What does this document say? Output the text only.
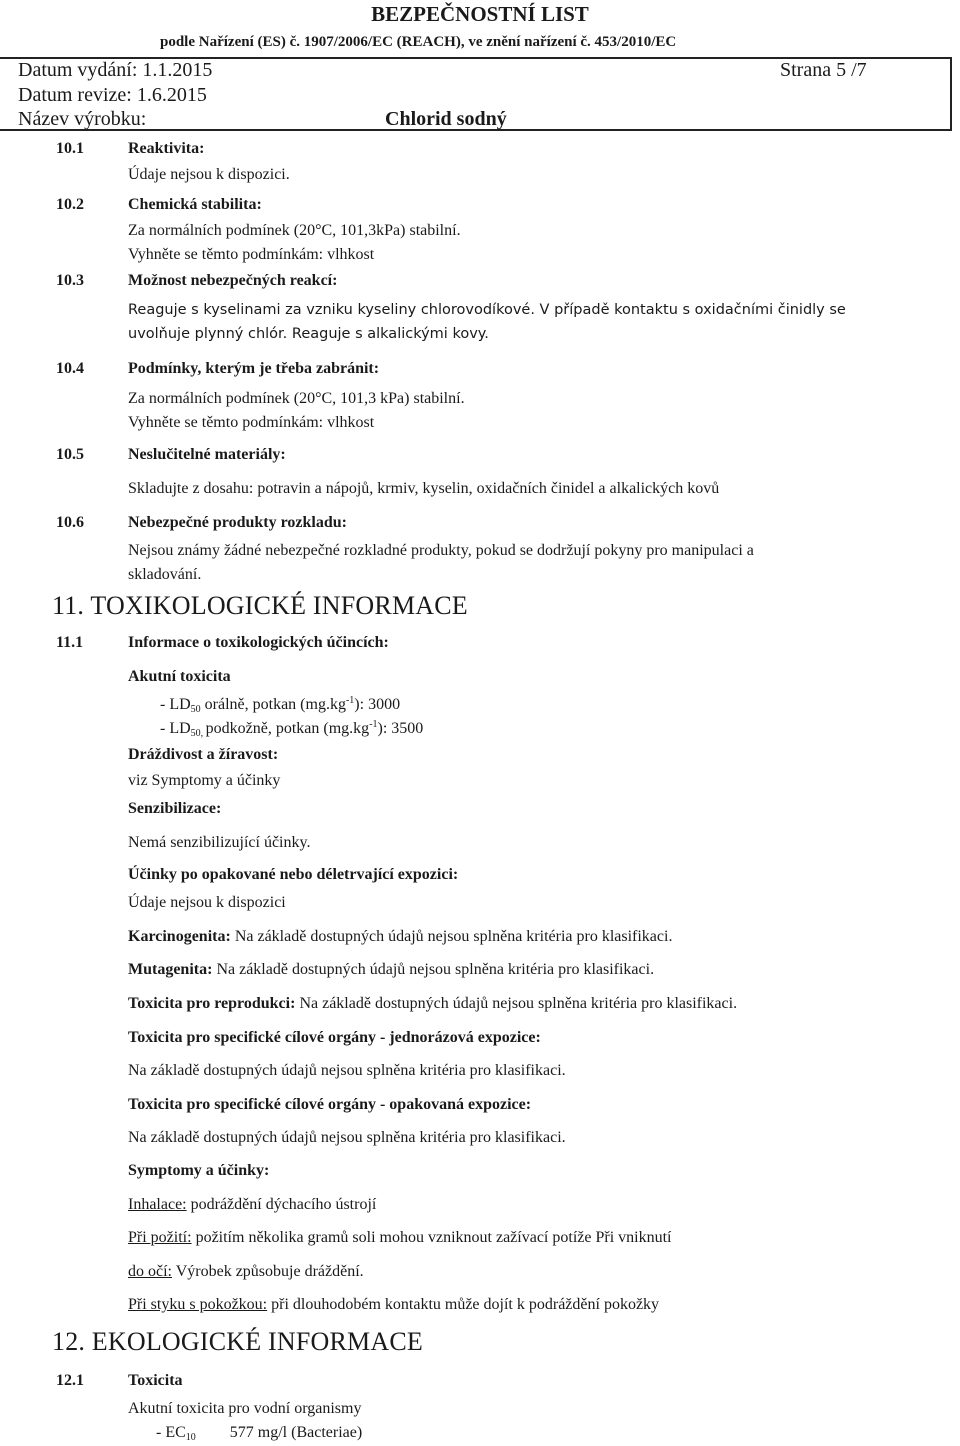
BEZPEČNOSTNÍ LIST
podle Nařízení (ES) č. 1907/2006/EC (REACH), ve znění nařízení č. 453/2010/EC
Datum vydání: 1.1.2015	Strana 5 /7
Datum revize: 1.6.2015
Název výrobku:	Chlorid sodný
10.1	Reaktivita:
Údaje nejsou k dispozici.
10.2	Chemická stabilita:
Za normálních podmínek (20°C, 101,3kPa) stabilní.
Vyhněte se těmto podmínkám: vlhkost
10.3	Možnost nebezpečných reakcí:
Reaguje s kyselinami za vzniku kyseliny chlorovodíkové. V případě kontaktu s oxidačními činidly se
uvolňuje plynný chlór. Reaguje s alkalickými kovy.
10.4	Podmínky, kterým je třeba zabránit:
Za normálních podmínek (20°C, 101,3 kPa) stabilní.
Vyhněte se těmto podmínkám: vlhkost
10.5	Neslučitelné materiály:
Skladujte z dosahu: potravin a nápojů, krmiv, kyselin, oxidačních činidel a alkalických kovů
10.6	Nebezpečné produkty rozkladu:
Nejsou známy žádné nebezpečné rozkladné produkty, pokud se dodržují pokyny pro manipulaci a
skladování.
11. TOXIKOLOGICKÉ INFORMACE
11.1	Informace o toxikologických účincích:
Akutní toxicita
- $LD_{50}$ orálně, potkan $(mg.kg^{-1})$: 3000
- $LD_{50,}$ podkožně, potkan $(mg.kg^{-1})$: 3500
Dráždivost a žíravost:
viz Symptomy a účinky
Senzibilizace:
Nemá senzibilizující účinky.
Účinky po opakované nebo déletrvající expozici:
Údaje nejsou k dispozici
Karcinogenita: Na základě dostupných údajů nejsou splněna kritéria pro klasifikaci.
Mutagenita: Na základě dostupných údajů nejsou splněna kritéria pro klasifikaci.
Toxicita pro reprodukci: Na základě dostupných údajů nejsou splněna kritéria pro klasifikaci.
Toxicita pro specifické cílové orgány - jednorázová expozice:
Na základě dostupných údajů nejsou splněna kritéria pro klasifikaci.
Toxicita pro specifické cílové orgány - opakovaná expozice:
Na základě dostupných údajů nejsou splněna kritéria pro klasifikaci.
Symptomy a účinky:
Inhalace: podráždění dýchacího ústrojí
Při požití: požitím několika gramů soli mohou vzniknout zažívací potíže Při vniknutí
do očí: Výrobek způsobuje dráždění.
Při styku s pokožkou: při dlouhodobém kontaktu může dojít k podráždění pokožky
12. EKOLOGICKÉ INFORMACE
12.1	Toxicita
Akutní toxicita pro vodní organismy
- $EC_{10}$ 577 mg/l (Bacteriae)
